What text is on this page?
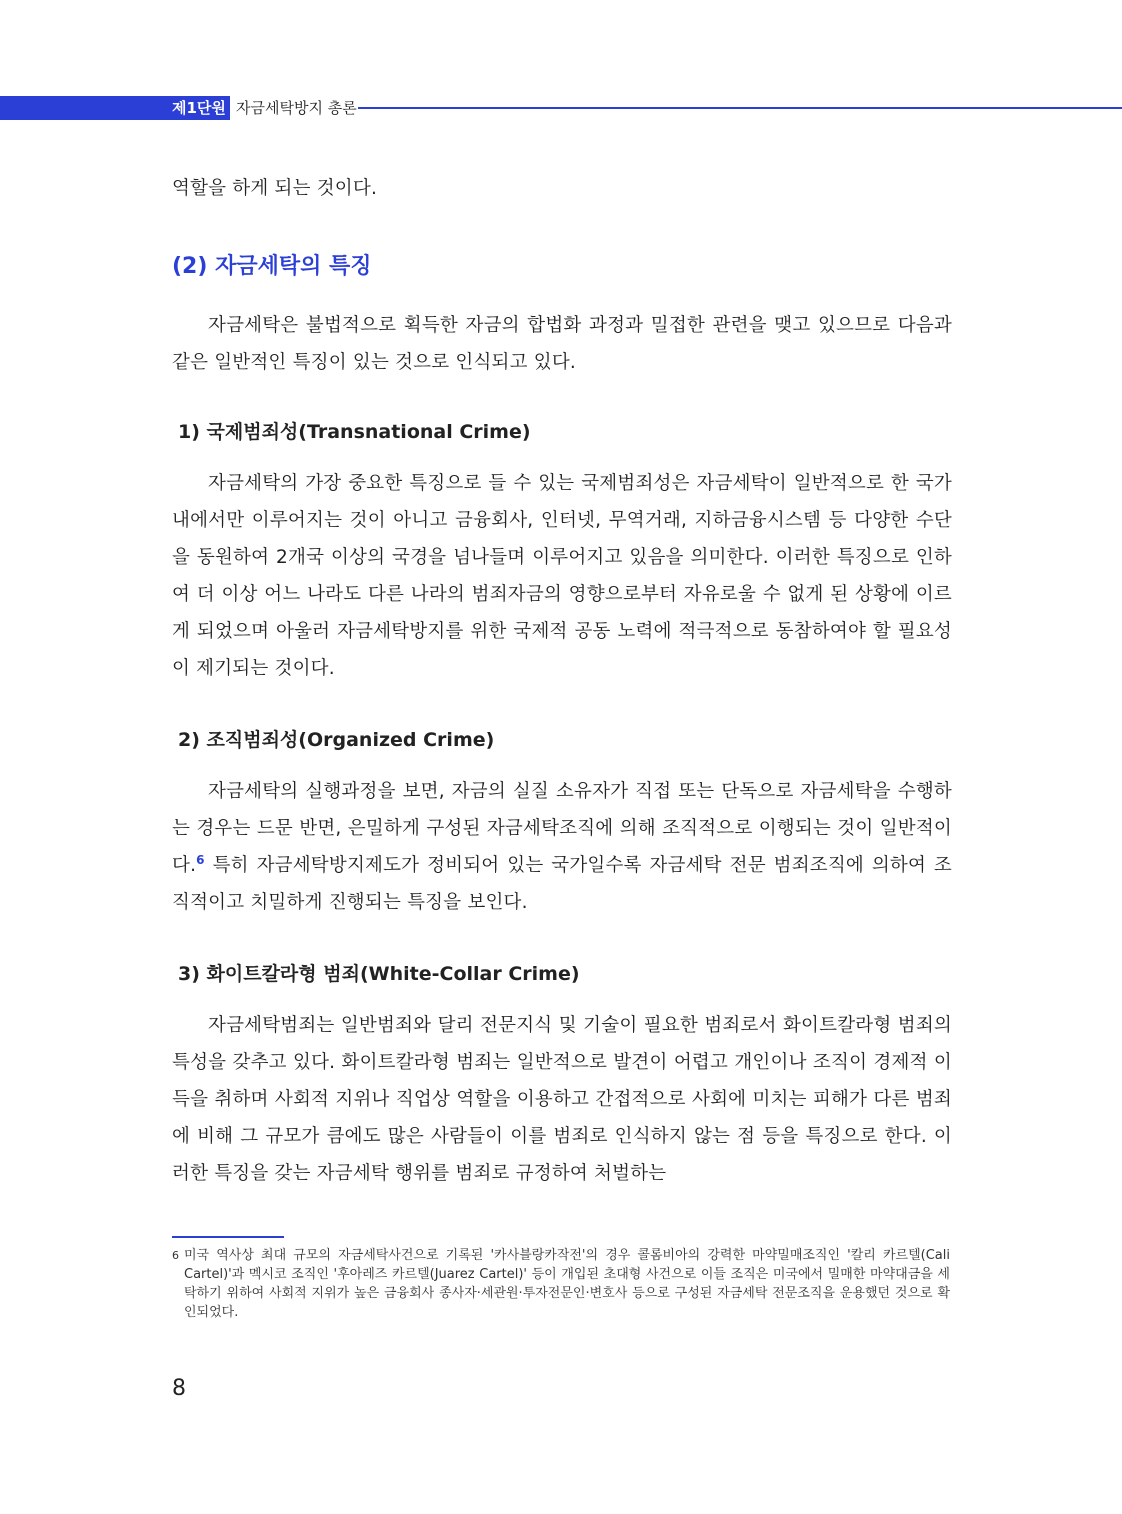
제1단원 자금세탁방지 총론

역할을 하게 되는 것이다.

(2) 자금세탁의 특징

자금세탁은 불법적으로 획득한 자금의 합법화 과정과 밀접한 관련을 맺고 있으므로 다음과 같은 일반적인 특징이 있는 것으로 인식되고 있다.

1) 국제범죄성(Transnational Crime)

자금세탁의 가장 중요한 특징으로 들 수 있는 국제범죄성은 자금세탁이 일반적으로 한 국가 내에서만 이루어지는 것이 아니고 금융회사, 인터넷, 무역거래, 지하금융시스템 등 다양한 수단을 동원하여 2개국 이상의 국경을 넘나들며 이루어지고 있음을 의미한다. 이러한 특징으로 인하여 더 이상 어느 나라도 다른 나라의 범죄자금의 영향으로부터 자유로울 수 없게 된 상황에 이르게 되었으며 아울러 자금세탁방지를 위한 국제적 공동 노력에 적극적으로 동참하여야 할 필요성이 제기되는 것이다.

2) 조직범죄성(Organized Crime)

자금세탁의 실행과정을 보면, 자금의 실질 소유자가 직접 또는 단독으로 자금세탁을 수행하는 경우는 드문 반면, 은밀하게 구성된 자금세탁조직에 의해 조직적으로 이행되는 것이 일반적이다.$^6$ 특히 자금세탁방지제도가 정비되어 있는 국가일수록 자금세탁 전문 범죄조직에 의하여 조직적이고 치밀하게 진행되는 특징을 보인다.

3) 화이트칼라형 범죄(White-Collar Crime)

자금세탁범죄는 일반범죄와 달리 전문지식 및 기술이 필요한 범죄로서 화이트칼라형 범죄의 특성을 갖추고 있다. 화이트칼라형 범죄는 일반적으로 발견이 어렵고 개인이나 조직이 경제적 이득을 취하며 사회적 지위나 직업상 역할을 이용하고 간접적으로 사회에 미치는 피해가 다른 범죄에 비해 그 규모가 큼에도 많은 사람들이 이를 범죄로 인식하지 않는 점 등을 특징으로 한다. 이러한 특징을 갖는 자금세탁 행위를 범죄로 규정하여 처벌하는

6 미국 역사상 최대 규모의 자금세탁사건으로 기록된 '카사블랑카작전'의 경우 콜롬비아의 강력한 마약밀매조직인 '칼리 카르텔(Cali Cartel)'과 멕시코 조직인 '후아레즈 카르텔(Juarez Cartel)' 등이 개입된 초대형 사건으로 이들 조직은 미국에서 밀매한 마약대금을 세탁하기 위하여 사회적 지위가 높은 금융회사 종사자·세관원·투자전문인·변호사 등으로 구성된 자금세탁 전문조직을 운용했던 것으로 확인되었다.
8
